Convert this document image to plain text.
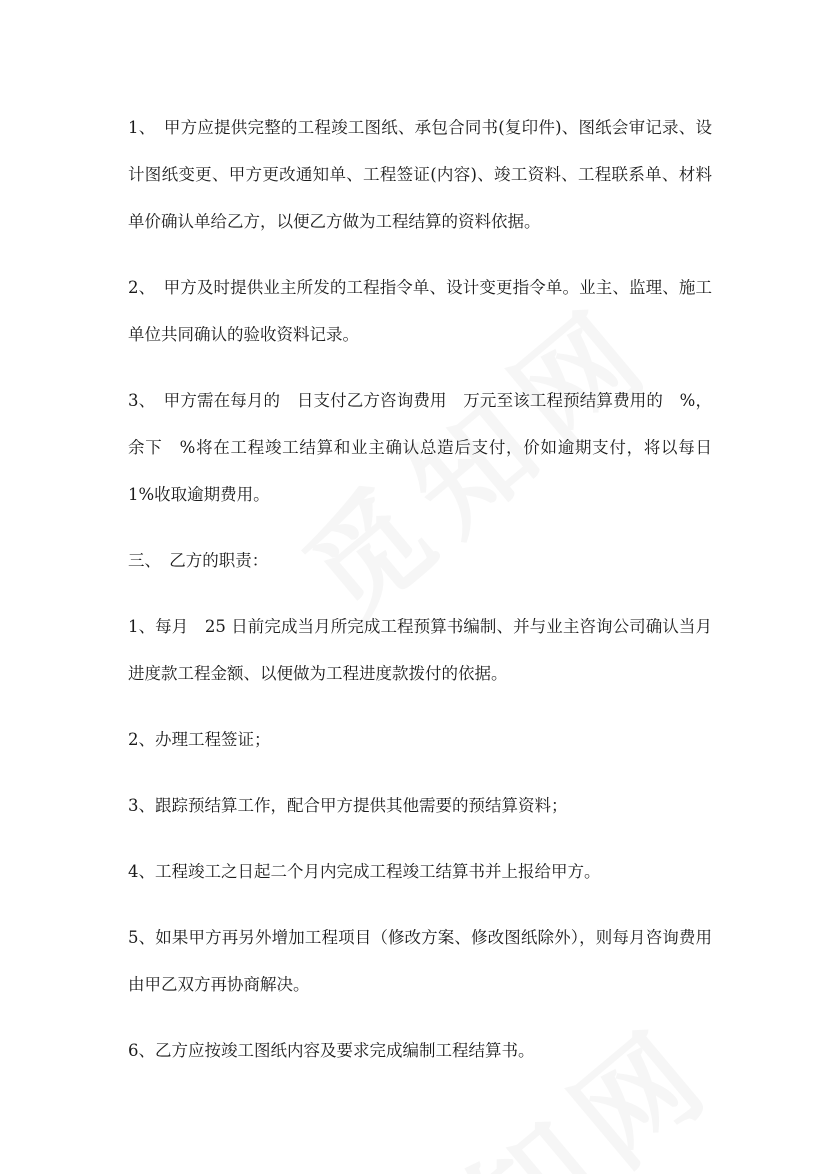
1、　甲方应提供完整的工程竣工图纸、承包合同书(复印件)、图纸会审记录、设计图纸变更、甲方更改通知单、工程签证(内容)、竣工资料、工程联系单、材料单价确认单给乙方，以便乙方做为工程结算的资料依据。

2、　甲方及时提供业主所发的工程指令单、设计变更指令单。业主、监理、施工单位共同确认的验收资料记录。

3、　甲方需在每月的　日支付乙方咨询费用　万元至该工程预结算费用的　%，余下　%将在工程竣工结算和业主确认总造后支付，价如逾期支付，将以每日 1%收取逾期费用。

三、　乙方的职责：

1、每月　25 日前完成当月所完成工程预算书编制、并与业主咨询公司确认当月进度款工程金额、以便做为工程进度款拨付的依据。

2、办理工程签证；

3、跟踪预结算工作，配合甲方提供其他需要的预结算资料；

4、工程竣工之日起二个月内完成工程竣工结算书并上报给甲方。

5、如果甲方再另外增加工程项目（修改方案、修改图纸除外），则每月咨询费用由甲乙双方再协商解决。

6、乙方应按竣工图纸内容及要求完成编制工程结算书。
